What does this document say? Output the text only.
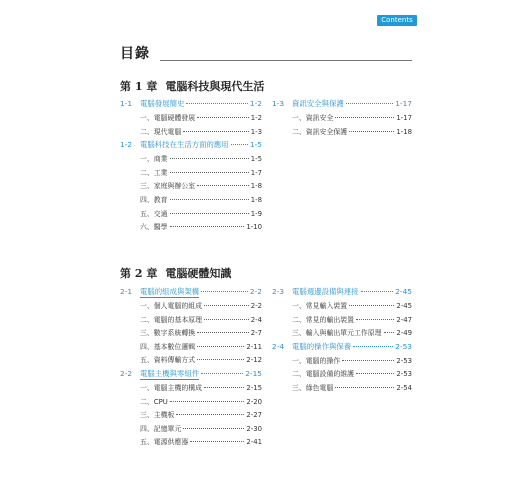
Contents
目錄
第 1 章 電腦科技與現代生活
1-1	電腦發展簡史	1-2
一、電腦硬體發展	1-2
二、現代電腦	1-3
1-2	電腦科技在生活方面的應用	1-5
一、商業	1-5
二、工業	1-7
三、家庭與辦公室	1-8
四、教育	1-8
五、交通	1-9
六、醫學	1-10
1-3	資訊安全與保護	1-17
一、資訊安全	1-17
二、資訊安全保護	1-18
第 2 章 電腦硬體知識
2-1	電腦的組成與架構	2-2
一、個人電腦的組成	2-2
二、電腦的基本原理	2-4
三、數字系統轉換	2-7
四、基本數位邏輯	2-11
五、資料傳輸方式	2-12
2-2	電腦主機與零組件	2-15
一、電腦主機的構成	2-15
二、CPU	2-20
三、主機板	2-27
四、記憶單元	2-30
五、電源供應器	2-41
2-3	電腦週邊設備與連接	2-45
一、常見輸入裝置	2-45
二、常見的輸出裝置	2-47
三、輸入與輸出單元工作原理 2-49
2-4	電腦的操作與保養	2-53
一、電腦的操作	2-53
二、電腦設備的維護	2-53
三、綠色電腦	2-54
